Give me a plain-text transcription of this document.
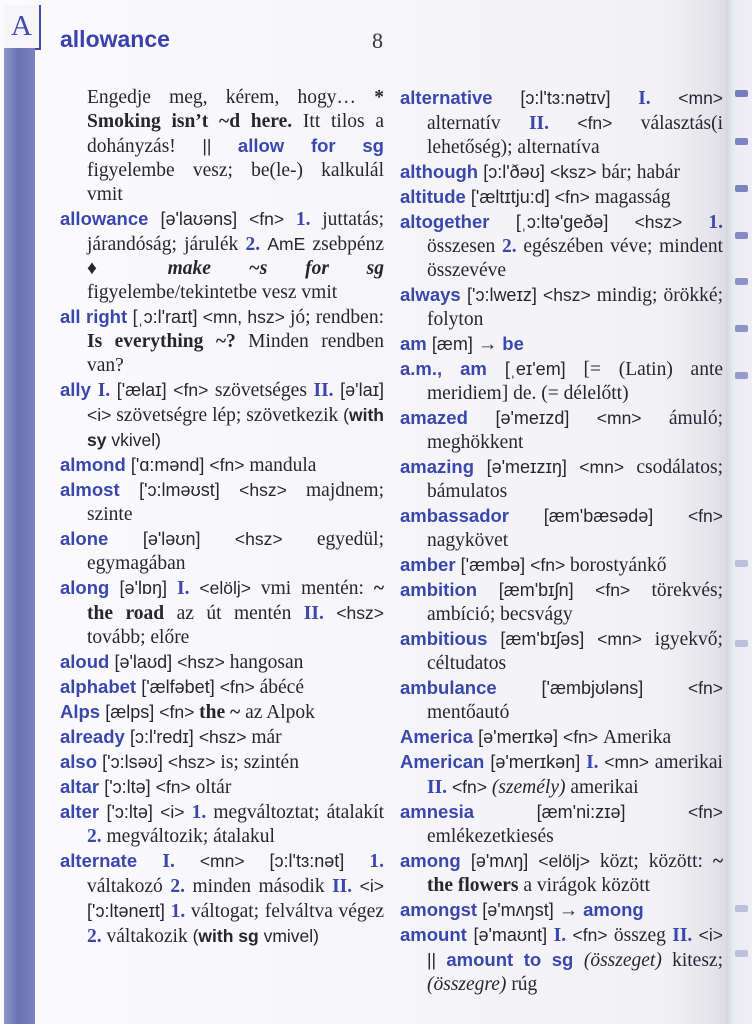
A allowance	8

Engedje meg, kérem, hogy… * Smoking isn’t ~d here. Itt tilos a dohányzás! || allow for sg figyelembe vesz; be(le-) kalkulál vmit

allowance [ə'laʊəns] <fn> 1. juttatás; járandóság; járulék 2. AmE zsebpénz ♦ make ~s for sg figyelembe/tekintetbe vesz vmit

all right [ˌɔ:l'raɪt] <mn, hsz> jó; rendben: Is everything ~? Minden rendben van?

ally I. ['ælaɪ] <fn> szövetséges II. [ə'laɪ] <i> szövetségre lép; szövetkezik (with sy vkivel)

almond ['ɑ:mənd] <fn> mandula

almost ['ɔ:lməʊst] <hsz> majdnem; szinte

alone [ə'ləʊn] <hsz> egyedül; egymagában

along [ə'lɒŋ] I. <elölj> vmi mentén: ~ the road az út mentén II. <hsz> tovább; előre

aloud [ə'laʊd] <hsz> hangosan

alphabet ['ælfəbet] <fn> ábécé

Alps [ælps] <fn> the ~ az Alpok

already [ɔ:l'redɪ] <hsz> már

also ['ɔ:lsəʊ] <hsz> is; szintén

altar ['ɔ:ltə] <fn> oltár

alter ['ɔ:ltə] <i> 1. megváltoztat; átalakít 2. megváltozik; átalakul

alternate I. <mn> [ɔ:l'tɜ:nət] 1. váltakozó 2. minden második II. <i> ['ɔ:ltəneɪt] 1. váltogat; felváltva végez 2. váltakozik (with sg vmivel)

alternative [ɔ:l'tɜ:nətɪv] I. <mn> alternatív II. <fn> választás(i lehetőség); alternatíva

although [ɔ:l'ðəʊ] <ksz> bár; habár

altitude ['æltɪtju:d] <fn> magasság

altogether [ˌɔ:ltə'geðə] <hsz> 1. összesen 2. egészében véve; mindent összevéve

always ['ɔ:lweɪz] <hsz> mindig; örökké; folyton

am [æm] → be

a.m., am [ˌeɪ'em] [= (Latin) ante meridiem] de. (= délelőtt)

amazed [ə'meɪzd] <mn> ámuló; meghökkent

amazing [ə'meɪzɪŋ] <mn> csodálatos; bámulatos

ambassador [æm'bæsədə] <fn> nagykövet

amber ['æmbə] <fn> borostyánkő

ambition [æm'bɪʃn] <fn> törekvés; ambíció; becsvágy

ambitious [æm'bɪʃəs] <mn> igyekvő; céltudatos

ambulance ['æmbjʊləns] <fn> mentőautó

America [ə'merɪkə] <fn> Amerika

American [ə'merɪkən] I. <mn> amerikai II. <fn> (személy) amerikai

amnesia [æm'ni:zɪə] <fn> emlékezetkiesés

among [ə'mʌŋ] <elölj> közt; között: ~ the flowers a virágok között

amongst [ə'mʌŋst] → among

amount [ə'maʊnt] I. <fn> összeg II. <i> || amount to sg (összeget) kitesz; (összegre) rúg
